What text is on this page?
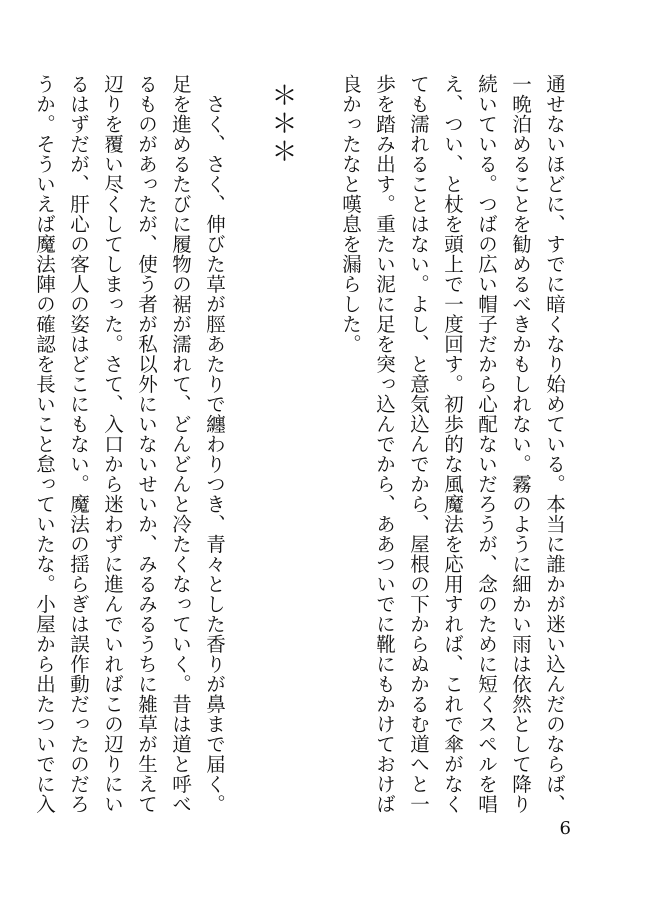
通せないほどに、すでに暗くなり始めている。本当に誰かが迷い込んだのならば、
一晩泊めることを勧めるべきかもしれない。霧のように細かい雨は依然として降り
続いている。つばの広い帽子だから心配ないだろうが、念のために短くスペルを唱
え、つい、と杖を頭上で一度回す。初歩的な風魔法を応用すれば、これで傘がなく
ても濡れることはない。よし、と意気込んでから、屋根の下からぬかるむ道へと一
歩を踏み出す。重たい泥に足を突っ込んでから、ああついでに靴にもかけておけば
良かったなと嘆息を漏らした。
＊＊＊
　さく、さく、伸びた草が脛あたりで纏わりつき、青々とした香りが鼻まで届く。
足を進めるたびに履物の裾が濡れて、どんどんと冷たくなっていく。昔は道と呼べ
るものがあったが、使う者が私以外にいないせいか、みるみるうちに雑草が生えて
辺りを覆い尽くしてしまった。さて、入口から迷わずに進んでいればこの辺りにい
るはずだが、肝心の客人の姿はどこにもない。魔法の揺らぎは誤作動だったのだろ
うか。そういえば魔法陣の確認を長いこと怠っていたな。小屋から出たついでに入
6
